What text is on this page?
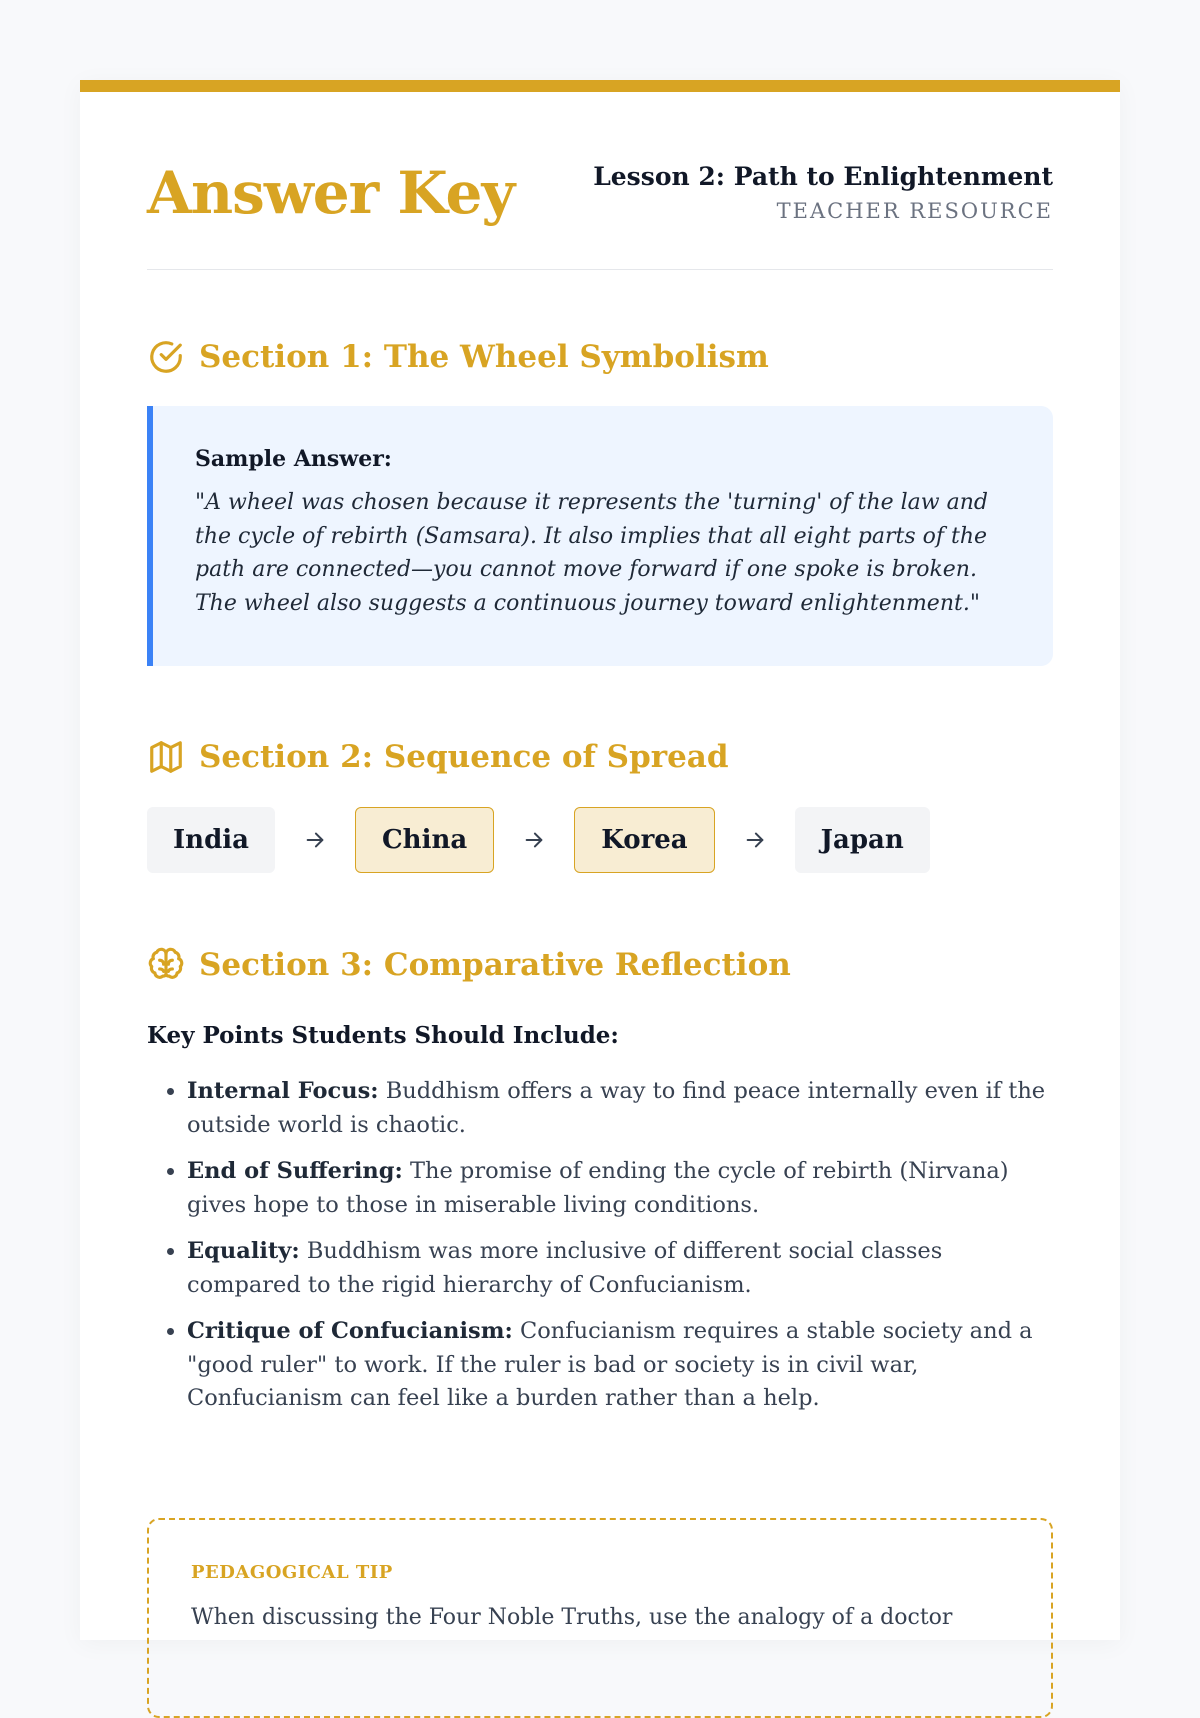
Answer Key	Lesson 2: Path to Enlightenment
TEACHER RESOURCE
Section 1: The Wheel Symbolism
Sample Answer:
"A wheel was chosen because it represents the 'turning' of the law and the cycle of rebirth (Samsara). It also implies that all eight parts of the path are connected—you cannot move forward if one spoke is broken. The wheel also suggests a continuous journey toward enlightenment."
Section 2: Sequence of Spread
India	China	Korea	Japan
Section 3: Comparative Reflection
Key Points Students Should Include:
• Internal Focus: Buddhism offers a way to find peace internally even if the outside world is chaotic.
• End of Suffering: The promise of ending the cycle of rebirth (Nirvana) gives hope to those in miserable living conditions.
• Equality: Buddhism was more inclusive of different social classes compared to the rigid hierarchy of Confucianism.
• Critique of Confucianism: Confucianism requires a stable society and a "good ruler" to work. If the ruler is bad or society is in civil war, Confucianism can feel like a burden rather than a help.
PEDAGOGICAL TIP
When discussing the Four Noble Truths, use the analogy of a doctor
